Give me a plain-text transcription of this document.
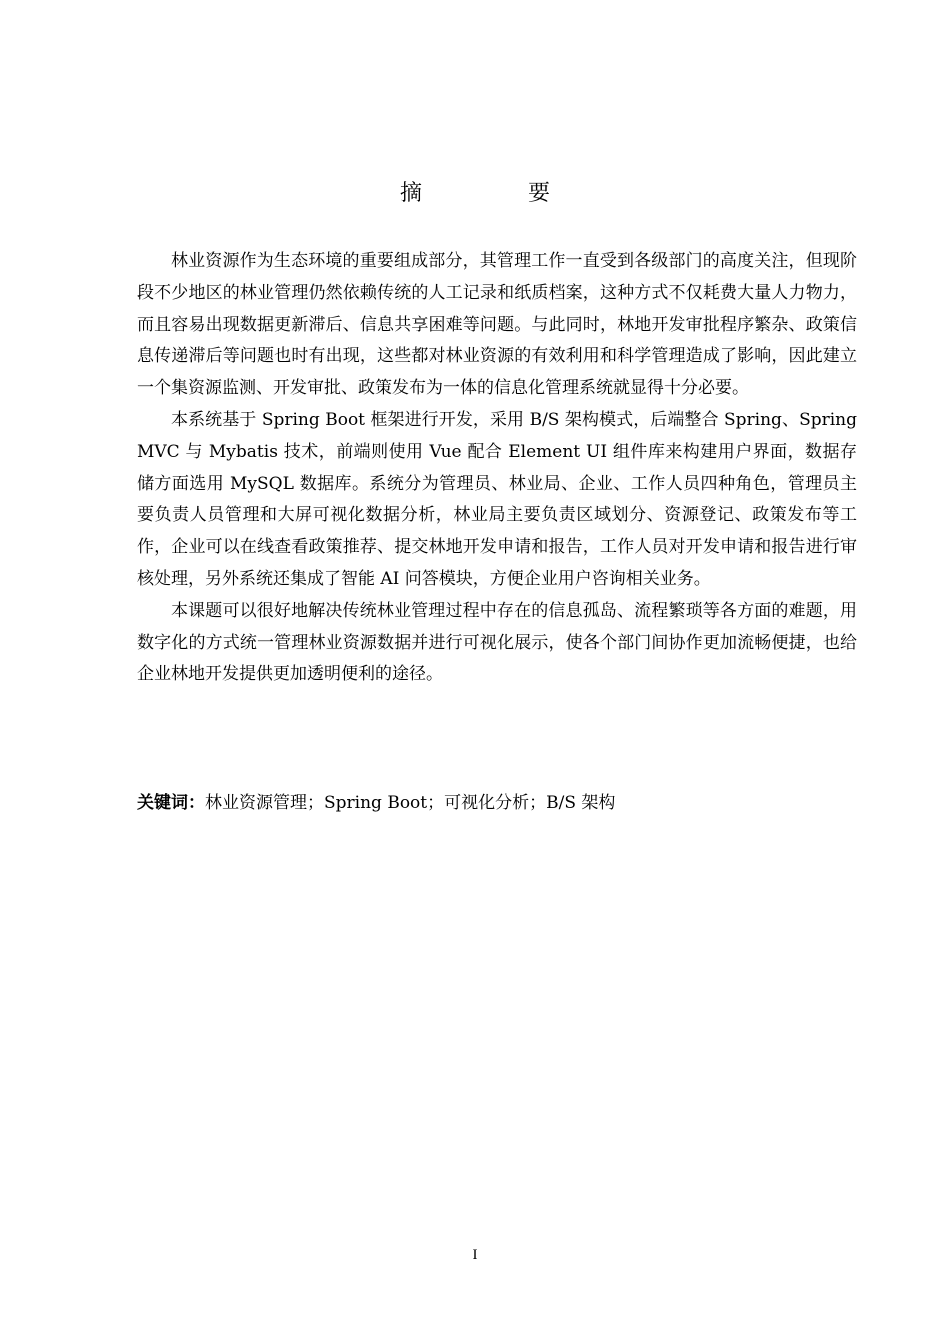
摘　要

林业资源作为生态环境的重要组成部分，其管理工作一直受到各级部门的高度关注，但现阶段不少地区的林业管理仍然依赖传统的人工记录和纸质档案，这种方式不仅耗费大量人力物力，而且容易出现数据更新滞后、信息共享困难等问题。与此同时，林地开发审批程序繁杂、政策信息传递滞后等问题也时有出现，这些都对林业资源的有效利用和科学管理造成了影响，因此建立一个集资源监测、开发审批、政策发布为一体的信息化管理系统就显得十分必要。

本系统基于 Spring Boot 框架进行开发，采用 B/S 架构模式，后端整合 Spring、Spring MVC 与 Mybatis 技术，前端则使用 Vue 配合 Element UI 组件库来构建用户界面，数据存储方面选用 MySQL 数据库。系统分为管理员、林业局、企业、工作人员四种角色，管理员主要负责人员管理和大屏可视化数据分析，林业局主要负责区域划分、资源登记、政策发布等工作，企业可以在线查看政策推荐、提交林地开发申请和报告，工作人员对开发申请和报告进行审核处理，另外系统还集成了智能 AI 问答模块，方便企业用户咨询相关业务。

本课题可以很好地解决传统林业管理过程中存在的信息孤岛、流程繁琐等各方面的难题，用数字化的方式统一管理林业资源数据并进行可视化展示，使各个部门间协作更加流畅便捷，也给企业林地开发提供更加透明便利的途径。

关键词：林业资源管理；Spring Boot；可视化分析；B/S 架构

I
